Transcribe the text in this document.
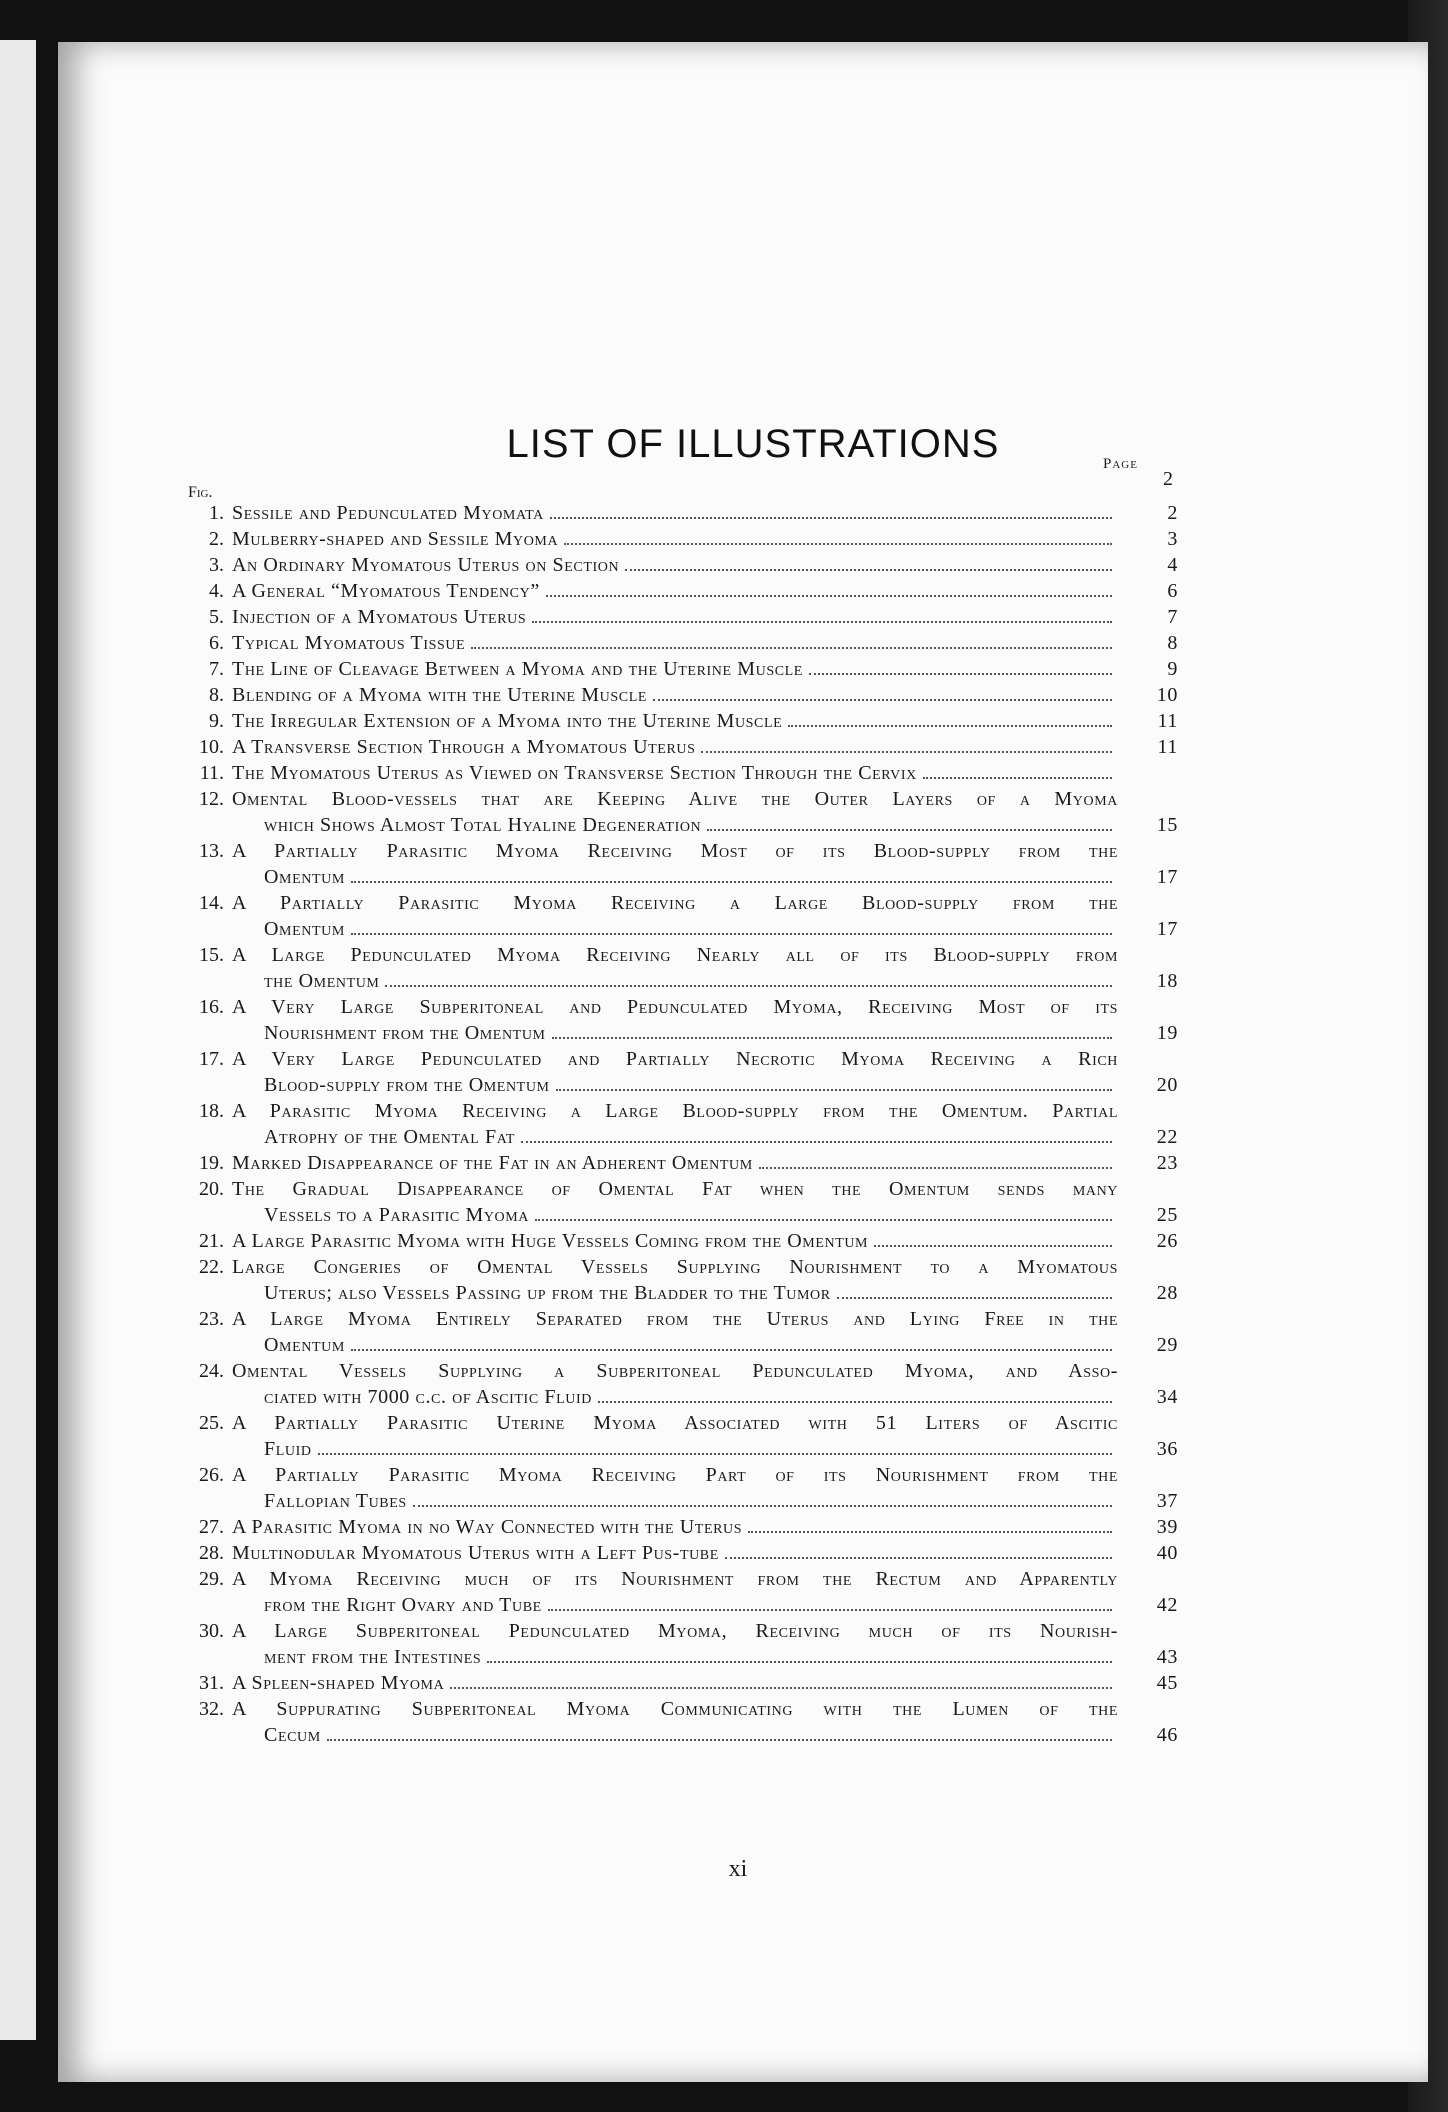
LIST OF ILLUSTRATIONS	Page
2
Fig.
1. Sessile and Pedunculated Myomata	2
2. Mulberry-shaped and Sessile Myoma	3
3. An Ordinary Myomatous Uterus on Section	4
4. A General “Myomatous Tendency”	6
5. Injection of a Myomatous Uterus	7
6. Typical Myomatous Tissue	8
7. The Line of Cleavage Between a Myoma and the Uterine Muscle	9
8. Blending of a Myoma with the Uterine Muscle	10
9. The Irregular Extension of a Myoma into the Uterine Muscle	11
10. A Transverse Section Through a Myomatous Uterus	11
11. The Myomatous Uterus as Viewed on Transverse Section Through the Cervix
12. Omental Blood-vessels that are Keeping Alive the Outer Layers of a Myoma
which Shows Almost Total Hyaline Degeneration	15
13. A Partially Parasitic Myoma Receiving Most of its Blood-supply from the
Omentum	17
14. A Partially Parasitic Myoma Receiving a Large Blood-supply from the
Omentum	17
15. A Large Pedunculated Myoma Receiving Nearly all of its Blood-supply from
the Omentum	18
16. A Very Large Subperitoneal and Pedunculated Myoma, Receiving Most of its
Nourishment from the Omentum	19
17. A Very Large Pedunculated and Partially Necrotic Myoma Receiving a Rich
Blood-supply from the Omentum	20
18. A Parasitic Myoma Receiving a Large Blood-supply from the Omentum. Partial
Atrophy of the Omental Fat	22
19. Marked Disappearance of the Fat in an Adherent Omentum	23
20. The Gradual Disappearance of Omental Fat when the Omentum sends many
Vessels to a Parasitic Myoma	25
21. A Large Parasitic Myoma with Huge Vessels Coming from the Omentum	26
22. Large Congeries of Omental Vessels Supplying Nourishment to a Myomatous
Uterus; also Vessels Passing up from the Bladder to the Tumor	28
23. A Large Myoma Entirely Separated from the Uterus and Lying Free in the
Omentum	29
24. Omental Vessels Supplying a Subperitoneal Pedunculated Myoma, and Asso-
ciated with 7000 c.c. of Ascitic Fluid	34
25. A Partially Parasitic Uterine Myoma Associated with 51 Liters of Ascitic
Fluid	36
26. A Partially Parasitic Myoma Receiving Part of its Nourishment from the
Fallopian Tubes	37
27. A Parasitic Myoma in no Way Connected with the Uterus	39
28. Multinodular Myomatous Uterus with a Left Pus-tube	40
29. A Myoma Receiving much of its Nourishment from the Rectum and Apparently
from the Right Ovary and Tube	42
30. A Large Subperitoneal Pedunculated Myoma, Receiving much of its Nourish-
ment from the Intestines	43
31. A Spleen-shaped Myoma	45
32. A Suppurating Subperitoneal Myoma Communicating with the Lumen of the
Cecum	46
xi
